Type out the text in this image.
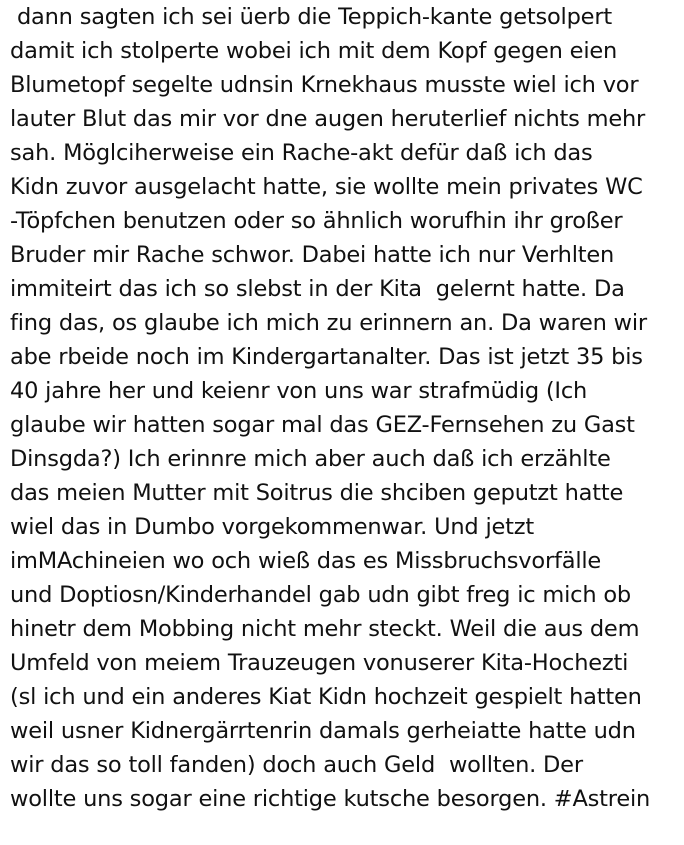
dann sagten ich sei üerb die Teppich-kante getsolpert
damit ich stolperte wobei ich mit dem Kopf gegen eien
Blumetopf segelte udnsin Krnekhaus musste wiel ich vor
lauter Blut das mir vor dne augen heruterlief nichts mehr
sah. Möglciherweise ein Rache-akt defür daß ich das
Kidn zuvor ausgelacht hatte, sie wollte mein privates WC
-Töpfchen benutzen oder so ähnlich worufhin ihr großer
Bruder mir Rache schwor. Dabei hatte ich nur Verhlten
immiteirt das ich so slebst in der Kita  gelernt hatte. Da
fing das, os glaube ich mich zu erinnern an. Da waren wir
abe rbeide noch im Kindergartanalter. Das ist jetzt 35 bis
40 jahre her und keienr von uns war strafmüdig (Ich
glaube wir hatten sogar mal das GEZ-Fernsehen zu Gast
Dinsgda?) Ich erinnre mich aber auch daß ich erzählte
das meien Mutter mit Soitrus die shciben geputzt hatte
wiel das in Dumbo vorgekommenwar. Und jetzt
imMAchineien wo och wieß das es Missbruchsvorfälle
und Doptiosn/Kinderhandel gab udn gibt freg ic mich ob
hinetr dem Mobbing nicht mehr steckt. Weil die aus dem
Umfeld von meiem Trauzeugen vonuserer Kita-Hochezti
(sl ich und ein anderes Kiat Kidn hochzeit gespielt hatten
weil usner Kidnergärrtenrin damals gerheiatte hatte udn
wir das so toll fanden) doch auch Geld  wollten. Der
wollte uns sogar eine richtige kutsche besorgen. #Astrein
